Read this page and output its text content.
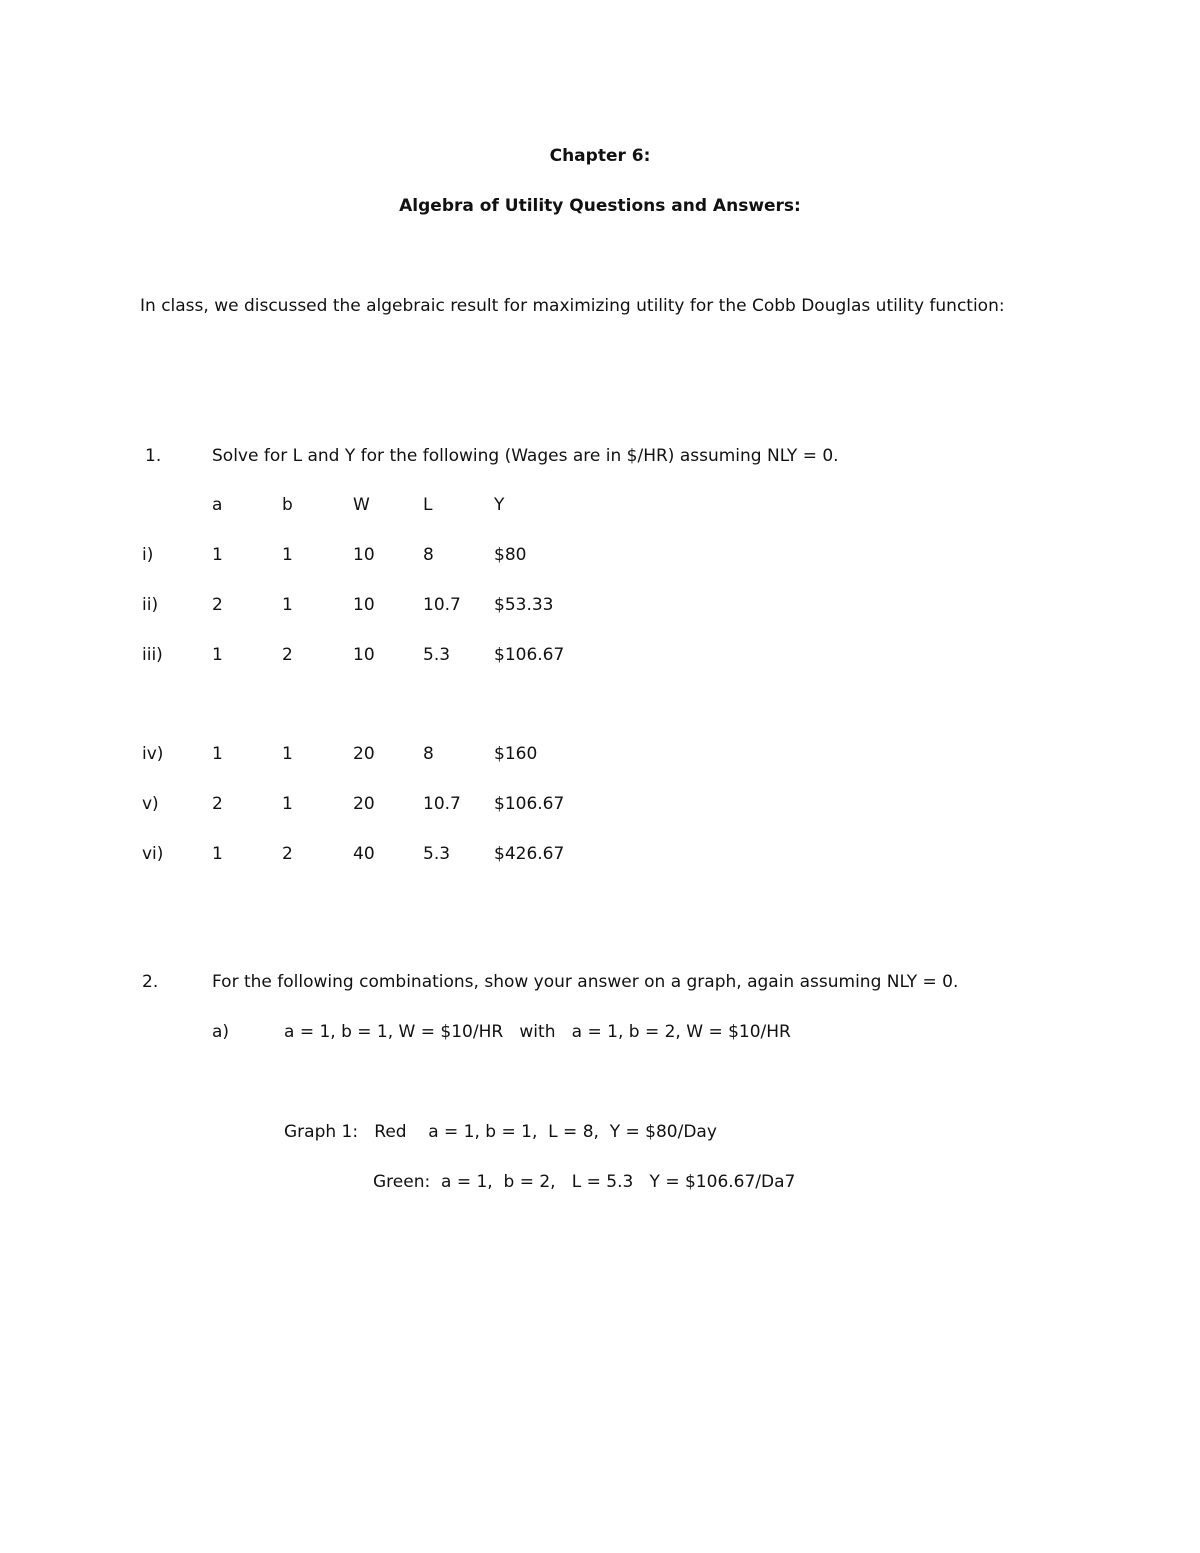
Chapter 6:
Algebra of Utility Questions and Answers:
In class, we discussed the algebraic result for maximizing utility for the Cobb Douglas utility function:
1.	Solve for L and Y for the following (Wages are in $/HR) assuming NLY = 0.
a	b	W	L	Y
i)	1	1	10	8	$80
ii)	2	1	10	10.7 $53.33
iii)	1	2	10	5.3	$106.67
iv)	1	1	20	8	$160
v)	2	1	20	10.7 $106.67
vi)	1	2	40	5.3	$426.67
2.	For the following combinations, show your answer on a graph, again assuming NLY = 0.
a)	a = 1, b = 1, W = $10/HR   with   a = 1, b = 2, W = $10/HR
Graph 1:   Red    a = 1, b = 1,  L = 8,  Y = $80/Day
Green:  a = 1,  b = 2,   L = 5.3   Y = $106.67/Da7
